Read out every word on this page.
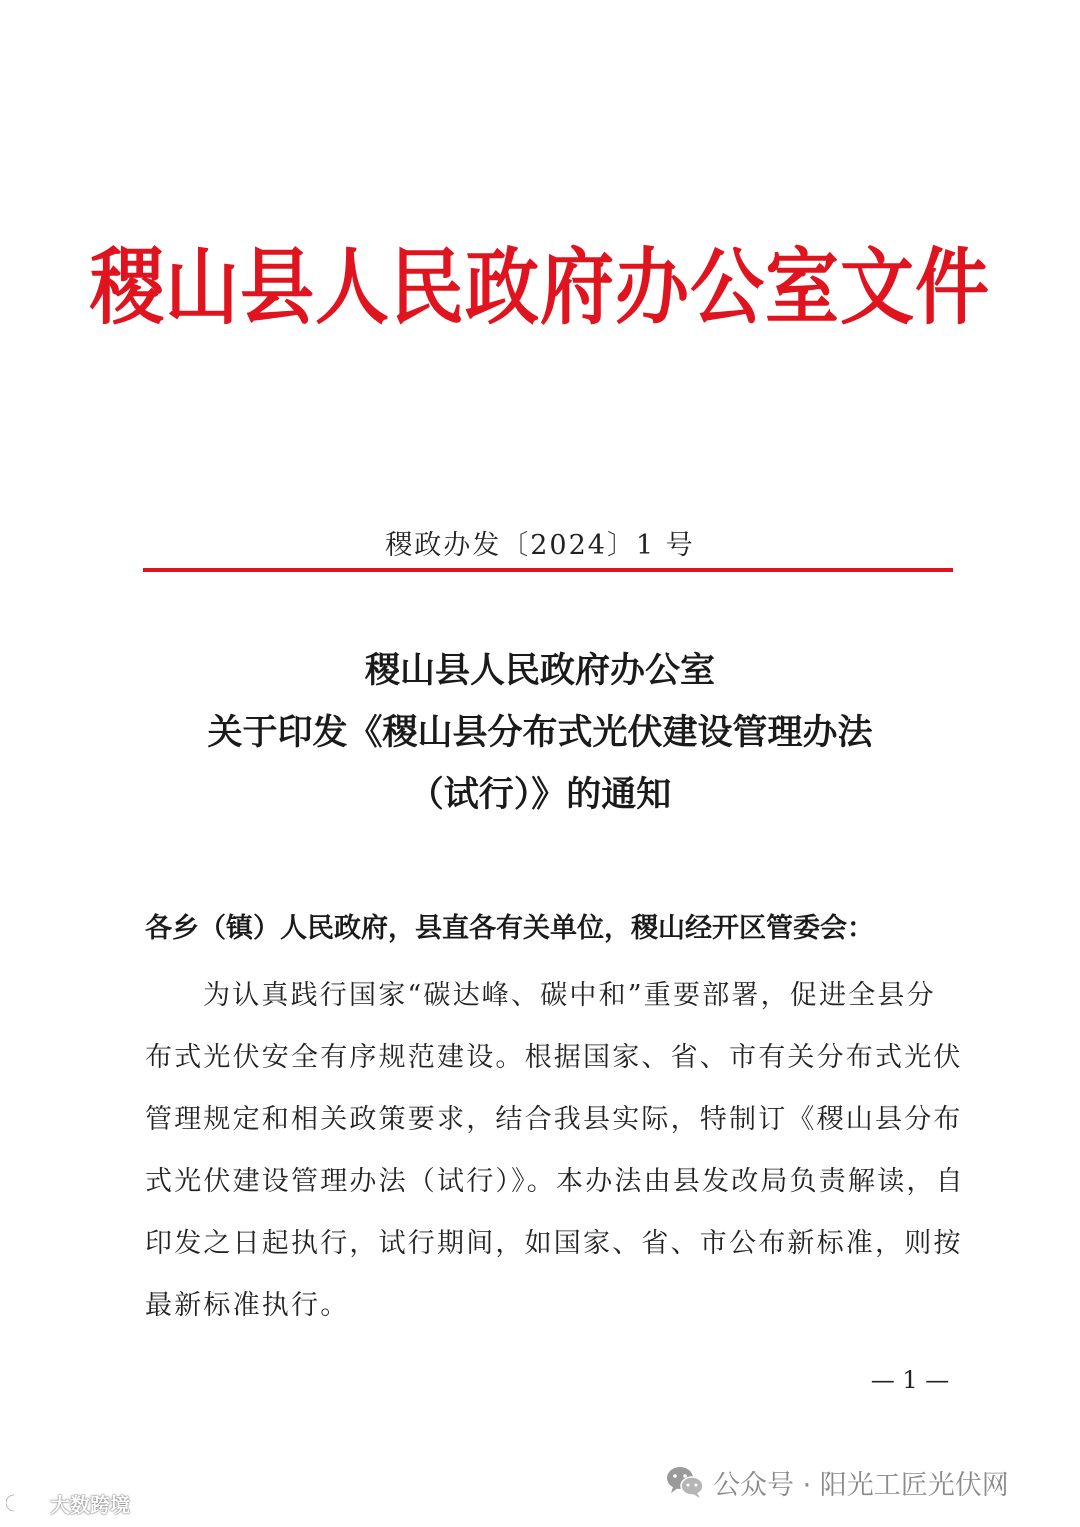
稷山县人民政府办公室文件
稷政办发〔2024〕1 号
稷山县人民政府办公室
关于印发《稷山县分布式光伏建设管理办法
（试行）》的通知
各乡（镇）人民政府，县直各有关单位，稷山经开区管委会：
为认真践行国家“碳达峰、碳中和”重要部署，促进全县分
布式光伏安全有序规范建设。根据国家、省、市有关分布式光伏
管理规定和相关政策要求，结合我县实际，特制订《稷山县分布
式光伏建设管理办法（试行）》。本办法由县发改局负责解读，自
印发之日起执行，试行期间，如国家、省、市公布新标准，则按
最新标准执行。
— 1 —
公众号 · 阳光工匠光伏网
大数跨境
